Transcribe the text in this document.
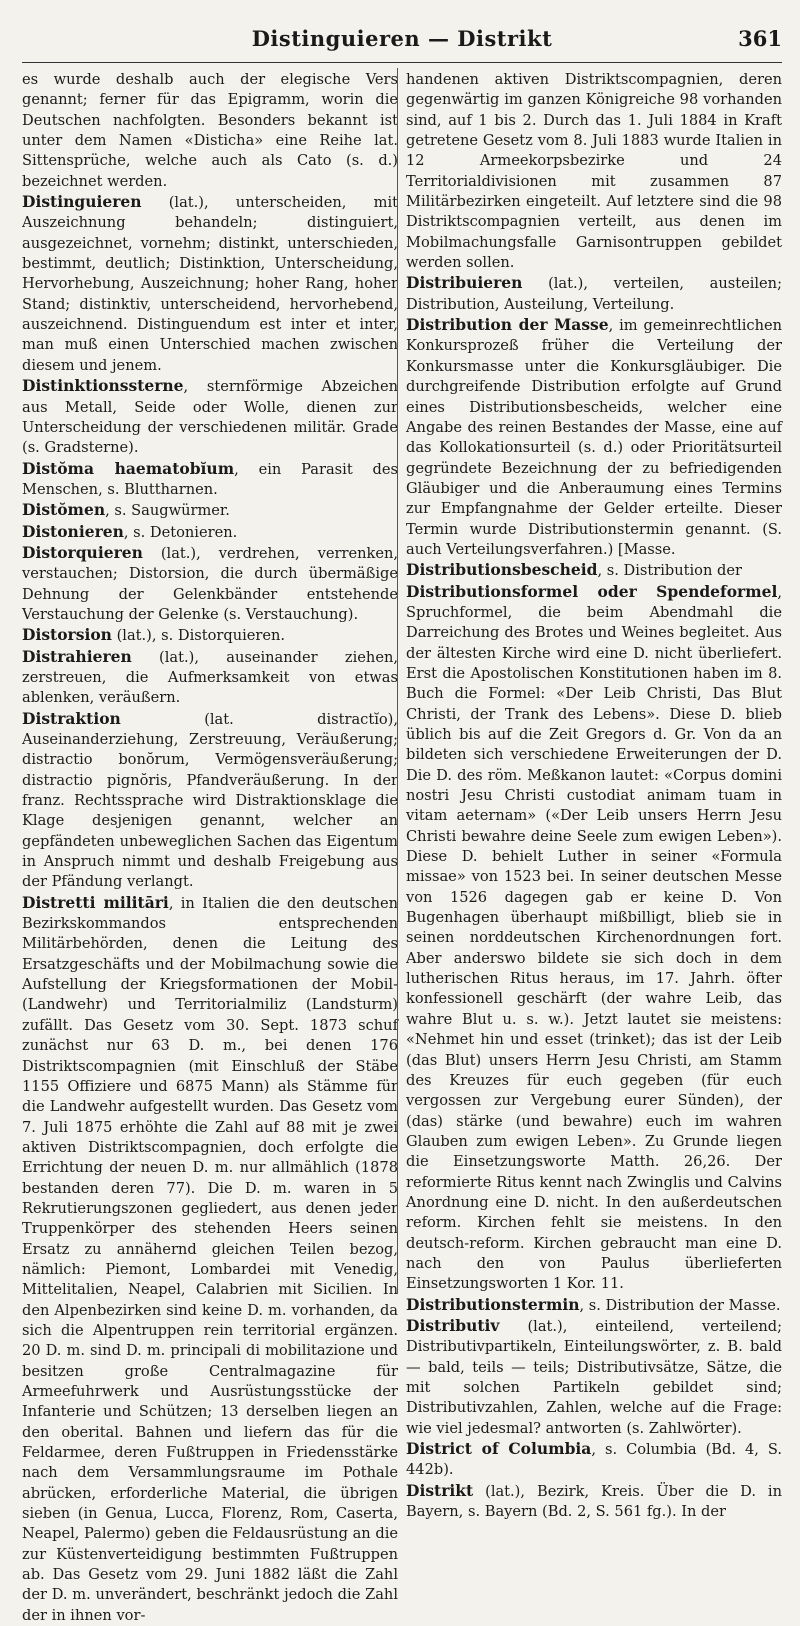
Distinguieren — Distrikt	361

es wurde deshalb auch der elegische Vers genannt; ferner für das Epigramm, worin die Deutschen nachfolgten. Besonders bekannt ist unter dem Namen «Disticha» eine Reihe lat. Sittensprüche, welche auch als Cato (s. d.) bezeichnet werden.

Distinguieren (lat.), unterscheiden, mit Auszeichnung behandeln; distinguiert, ausgezeichnet, vornehm; distinkt, unterschieden, bestimmt, deutlich; Distinktion, Unterscheidung, Hervorhebung, Auszeichnung; hoher Rang, hoher Stand; distinktiv, unterscheidend, hervorhebend, auszeichnend. Distinguendum est inter et inter, man muß einen Unterschied machen zwischen diesem und jenem.

Distinktionssterne, sternförmige Abzeichen aus Metall, Seide oder Wolle, dienen zur Unterscheidung der verschiedenen militär. Grade (s. Gradsterne).

Distŏma haematobĭum, ein Parasit des Menschen, s. Bluttharnen.

Distŏmen, s. Saugwürmer.

Distonieren, s. Detonieren.

Distorquieren (lat.), verdrehen, verrenken, verstauchen; Distorsion, die durch übermäßige Dehnung der Gelenkbänder entstehende Verstauchung der Gelenke (s. Verstauchung).

Distorsion (lat.), s. Distorquieren.

Distrahieren (lat.), auseinander ziehen, zerstreuen, die Aufmerksamkeit von etwas ablenken, veräußern.

Distraktion (lat. distractĭo), Auseinanderziehung, Zerstreuung, Veräußerung; distractio bonŏrum, Vermögensveräußerung; distractio pignŏris, Pfandveräußerung. In der franz. Rechtssprache wird Distraktionsklage die Klage desjenigen genannt, welcher an gepfändeten unbeweglichen Sachen das Eigentum in Anspruch nimmt und deshalb Freigebung aus der Pfändung verlangt.

Distretti militāri, in Italien die den deutschen Bezirkskommandos entsprechenden Militärbehörden, denen die Leitung des Ersatzgeschäfts und der Mobilmachung sowie die Aufstellung der Kriegsformationen der Mobil- (Landwehr) und Territorialmiliz (Landsturm) zufällt. Das Gesetz vom 30. Sept. 1873 schuf zunächst nur 63 D. m., bei denen 176 Distriktscompagnien (mit Einschluß der Stäbe 1155 Offiziere und 6875 Mann) als Stämme für die Landwehr aufgestellt wurden. Das Gesetz vom 7. Juli 1875 erhöhte die Zahl auf 88 mit je zwei aktiven Distriktscompagnien, doch erfolgte die Errichtung der neuen D. m. nur allmählich (1878 bestanden deren 77). Die D. m. waren in 5 Rekrutierungszonen gegliedert, aus denen jeder Truppenkörper des stehenden Heers seinen Ersatz zu annähernd gleichen Teilen bezog, nämlich: Piemont, Lombardei mit Venedig, Mittelitalien, Neapel, Calabrien mit Sicilien. In den Alpenbezirken sind keine D. m. vorhanden, da sich die Alpentruppen rein territorial ergänzen. 20 D. m. sind D. m. principali di mobilitazione und besitzen große Centralmagazine für Armeefuhrwerk und Ausrüstungsstücke der Infanterie und Schützen; 13 derselben liegen an den oberital. Bahnen und liefern das für die Feldarmee, deren Fußtruppen in Friedensstärke nach dem Versammlungsraume im Pothale abrücken, erforderliche Material, die übrigen sieben (in Genua, Lucca, Florenz, Rom, Caserta, Neapel, Palermo) geben die Feldausrüstung an die zur Küstenverteidigung bestimmten Fußtruppen ab. Das Gesetz vom 29. Juni 1882 läßt die Zahl der D. m. unverändert, beschränkt jedoch die Zahl der in ihnen vor-

handenen aktiven Distriktscompagnien, deren gegenwärtig im ganzen Königreiche 98 vorhanden sind, auf 1 bis 2. Durch das 1. Juli 1884 in Kraft getretene Gesetz vom 8. Juli 1883 wurde Italien in 12 Armeekorpsbezirke und 24 Territorialdivisionen mit zusammen 87 Militärbezirken eingeteilt. Auf letztere sind die 98 Distriktscompagnien verteilt, aus denen im Mobilmachungsfalle Garnisontruppen gebildet werden sollen.

Distribuieren (lat.), verteilen, austeilen; Distribution, Austeilung, Verteilung.

Distribution der Masse, im gemeinrechtlichen Konkursprozeß früher die Verteilung der Konkursmasse unter die Konkursgläubiger. Die durchgreifende Distribution erfolgte auf Grund eines Distributionsbescheids, welcher eine Angabe des reinen Bestandes der Masse, eine auf das Kollokationsurteil (s. d.) oder Prioritätsurteil gegründete Bezeichnung der zu befriedigenden Gläubiger und die Anberaumung eines Termins zur Empfangnahme der Gelder erteilte. Dieser Termin wurde Distributionstermin genannt. (S. auch Verteilungsverfahren.) [Masse.

Distributionsbescheid, s. Distribution der

Distributionsformel oder Spendeformel, Spruchformel, die beim Abendmahl die Darreichung des Brotes und Weines begleitet. Aus der ältesten Kirche wird eine D. nicht überliefert. Erst die Apostolischen Konstitutionen haben im 8. Buch die Formel: «Der Leib Christi, Das Blut Christi, der Trank des Lebens». Diese D. blieb üblich bis auf die Zeit Gregors d. Gr. Von da an bildeten sich verschiedene Erweiterungen der D. Die D. des röm. Meßkanon lautet: «Corpus domini nostri Jesu Christi custodiat animam tuam in vitam aeternam» («Der Leib unsers Herrn Jesu Christi bewahre deine Seele zum ewigen Leben»). Diese D. behielt Luther in seiner «Formula missae» von 1523 bei. In seiner deutschen Messe von 1526 dagegen gab er keine D. Von Bugenhagen überhaupt mißbilligt, blieb sie in seinen norddeutschen Kirchenordnungen fort. Aber anderswo bildete sie sich doch in dem lutherischen Ritus heraus, im 17. Jahrh. öfter konfessionell geschärft (der wahre Leib, das wahre Blut u. s. w.). Jetzt lautet sie meistens: «Nehmet hin und esset (trinket); das ist der Leib (das Blut) unsers Herrn Jesu Christi, am Stamm des Kreuzes für euch gegeben (für euch vergossen zur Vergebung eurer Sünden), der (das) stärke (und bewahre) euch im wahren Glauben zum ewigen Leben». Zu Grunde liegen die Einsetzungsworte Matth. 26,26. Der reformierte Ritus kennt nach Zwinglis und Calvins Anordnung eine D. nicht. In den außerdeutschen reform. Kirchen fehlt sie meistens. In den deutsch-reform. Kirchen gebraucht man eine D. nach den von Paulus überlieferten Einsetzungsworten 1 Kor. 11.

Distributionstermin, s. Distribution der Masse.

Distributiv (lat.), einteilend, verteilend; Distributivpartikeln, Einteilungswörter, z. B. bald — bald, teils — teils; Distributivsätze, Sätze, die mit solchen Partikeln gebildet sind; Distributivzahlen, Zahlen, welche auf die Frage: wie viel jedesmal? antworten (s. Zahlwörter).

District of Columbia, s. Columbia (Bd. 4, S. 442b).

Distrikt (lat.), Bezirk, Kreis. Über die D. in Bayern, s. Bayern (Bd. 2, S. 561 fg.). In der
